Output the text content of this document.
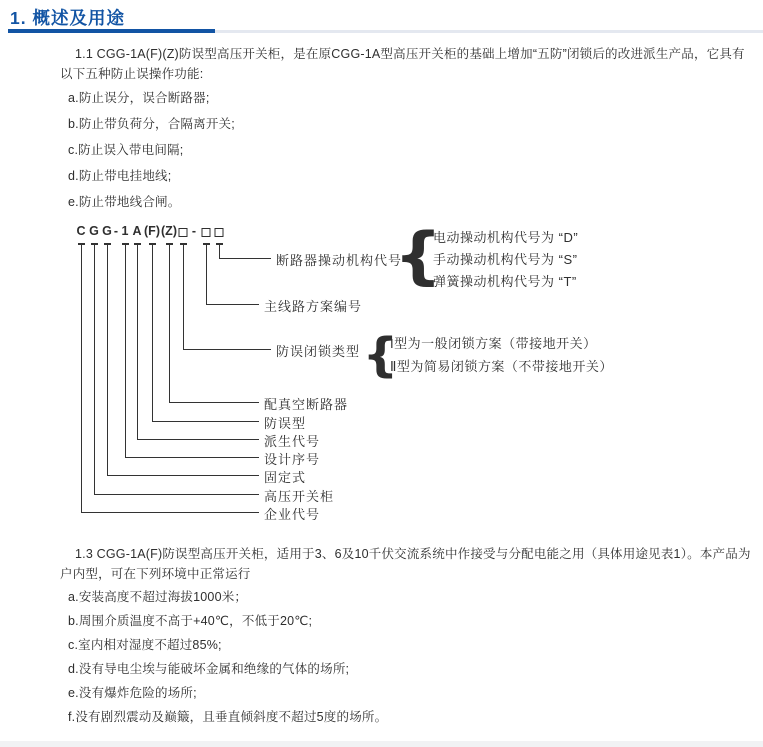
1. 概述及用途
1.1 CGG-1A(F)(Z)防误型高压开关柜，是在原CGG-1A型高压开关柜的基础上增加“五防”闭锁后的改进派生产品，它具有以下五种防止误操作功能:
a.防止误分，误合断路器;
b.防止带负荷分，合隔离开关;
c.防止误入带电间隔;
d.防止带电挂地线;
e.防止带地线合闸。
{
电动操动机构代号为 “D”
手动操动机构代号为 “S”
弹簧操动机构代号为 “T”
{
I型为一般闭锁方案（带接地开关）
Ⅱ型为简易闭锁方案（不带接地开关）
C G G - 1 A (F) (Z) -
企业代号
高压开关柜
固定式
设计序号
派生代号
防误型
配真空断路器
防误闭锁类型
主线路方案编号
断路器操动机构代号
1.3 CGG-1A(F)防误型高压开关柜，适用于3、6及10千伏交流系统中作接受与分配电能之用（具体用途见表1）。本产品为户内型，可在下列环境中正常运行
a.安装高度不超过海拔1000米；
b.周围介质温度不高于+40℃，不低于20℃;
c.室内相对湿度不超过85%;
d.没有导电尘埃与能破坏金属和绝缘的气体的场所;
e.没有爆炸危险的场所;
f.没有剧烈震动及巅簸，且垂直倾斜度不超过5度的场所。
